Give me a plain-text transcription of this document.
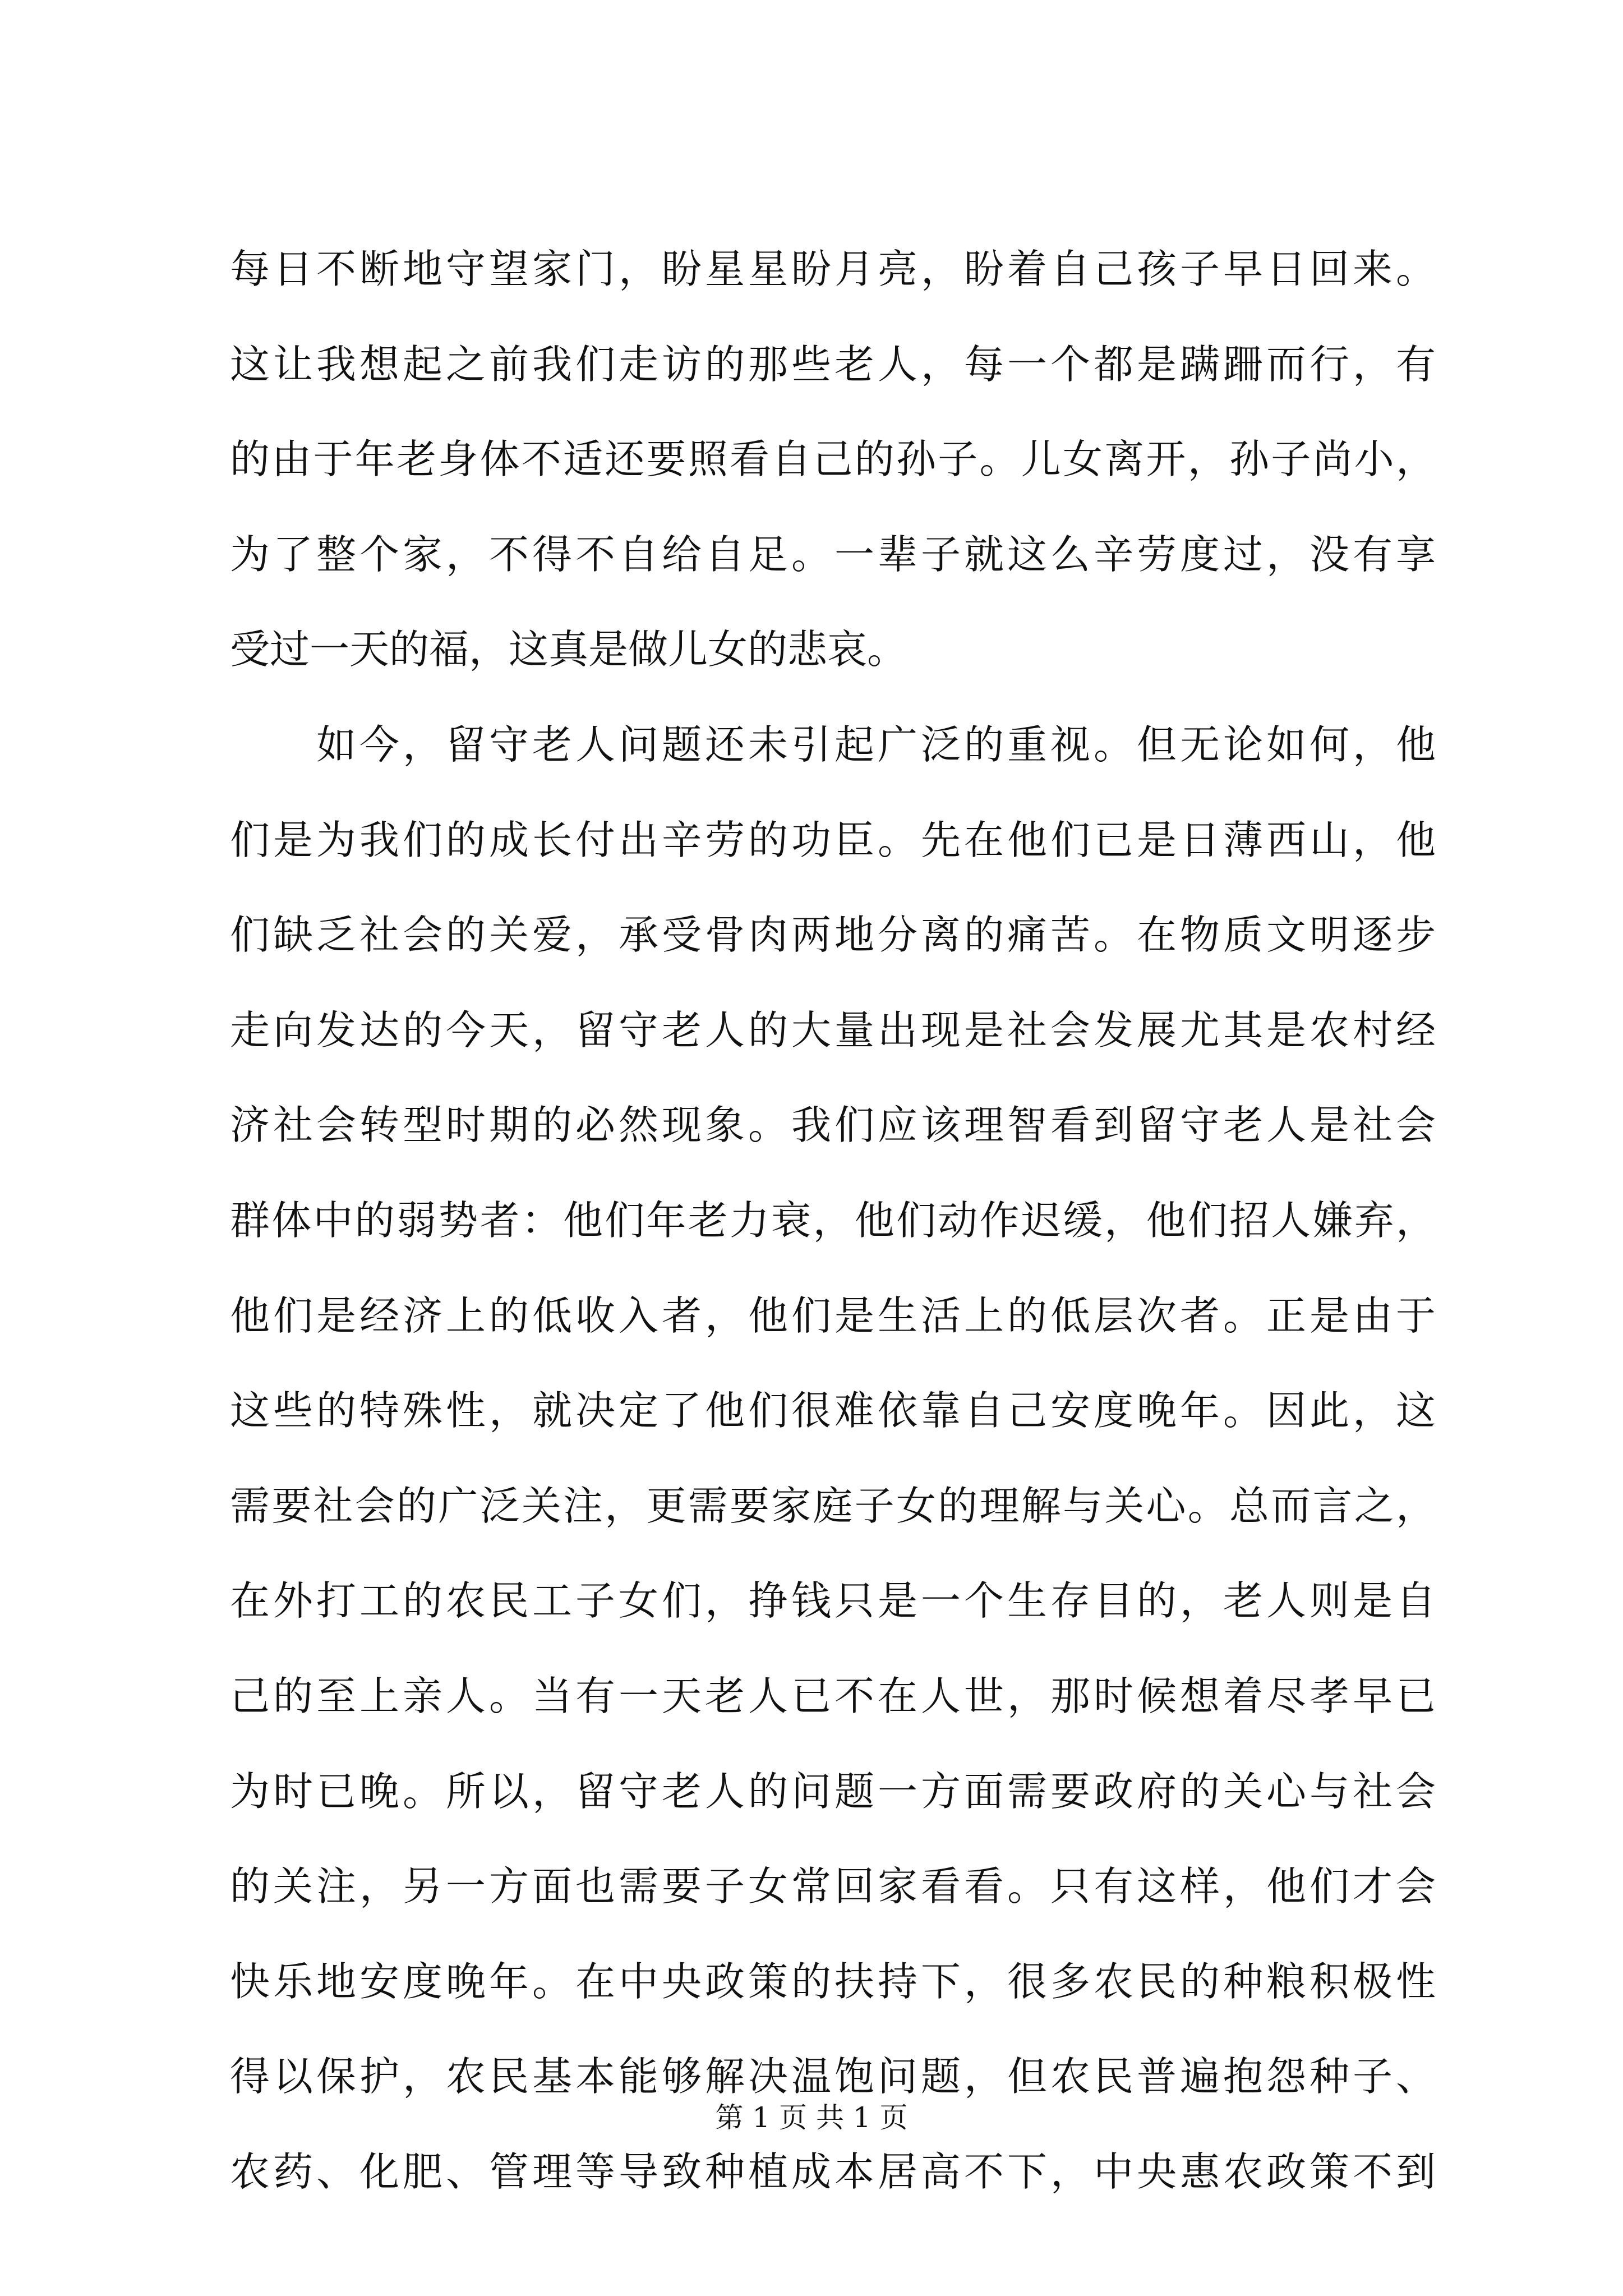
每日不断地守望家门，盼星星盼月亮，盼着自己孩子早日回来。
这让我想起之前我们走访的那些老人，每一个都是蹒跚而行，有
的由于年老身体不适还要照看自己的孙子。儿女离开，孙子尚小，
为了整个家，不得不自给自足。一辈子就这么辛劳度过，没有享
受过一天的福，这真是做儿女的悲哀。
　　如今，留守老人问题还未引起广泛的重视。但无论如何，他
们是为我们的成长付出辛劳的功臣。先在他们已是日薄西山，他
们缺乏社会的关爱，承受骨肉两地分离的痛苦。在物质文明逐步
走向发达的今天，留守老人的大量出现是社会发展尤其是农村经
济社会转型时期的必然现象。我们应该理智看到留守老人是社会
群体中的弱势者：他们年老力衰，他们动作迟缓，他们招人嫌弃，
他们是经济上的低收入者，他们是生活上的低层次者。正是由于
这些的特殊性，就决定了他们很难依靠自己安度晚年。因此，这
需要社会的广泛关注，更需要家庭子女的理解与关心。总而言之，
在外打工的农民工子女们，挣钱只是一个生存目的，老人则是自
己的至上亲人。当有一天老人已不在人世，那时候想着尽孝早已
为时已晚。所以，留守老人的问题一方面需要政府的关心与社会
的关注，另一方面也需要子女常回家看看。只有这样，他们才会
快乐地安度晚年。在中央政策的扶持下，很多农民的种粮积极性
得以保护，农民基本能够解决温饱问题，但农民普遍抱怨种子、
农药、化肥、管理等导致种植成本居高不下，中央惠农政策不到
第 1 页 共 1 页
